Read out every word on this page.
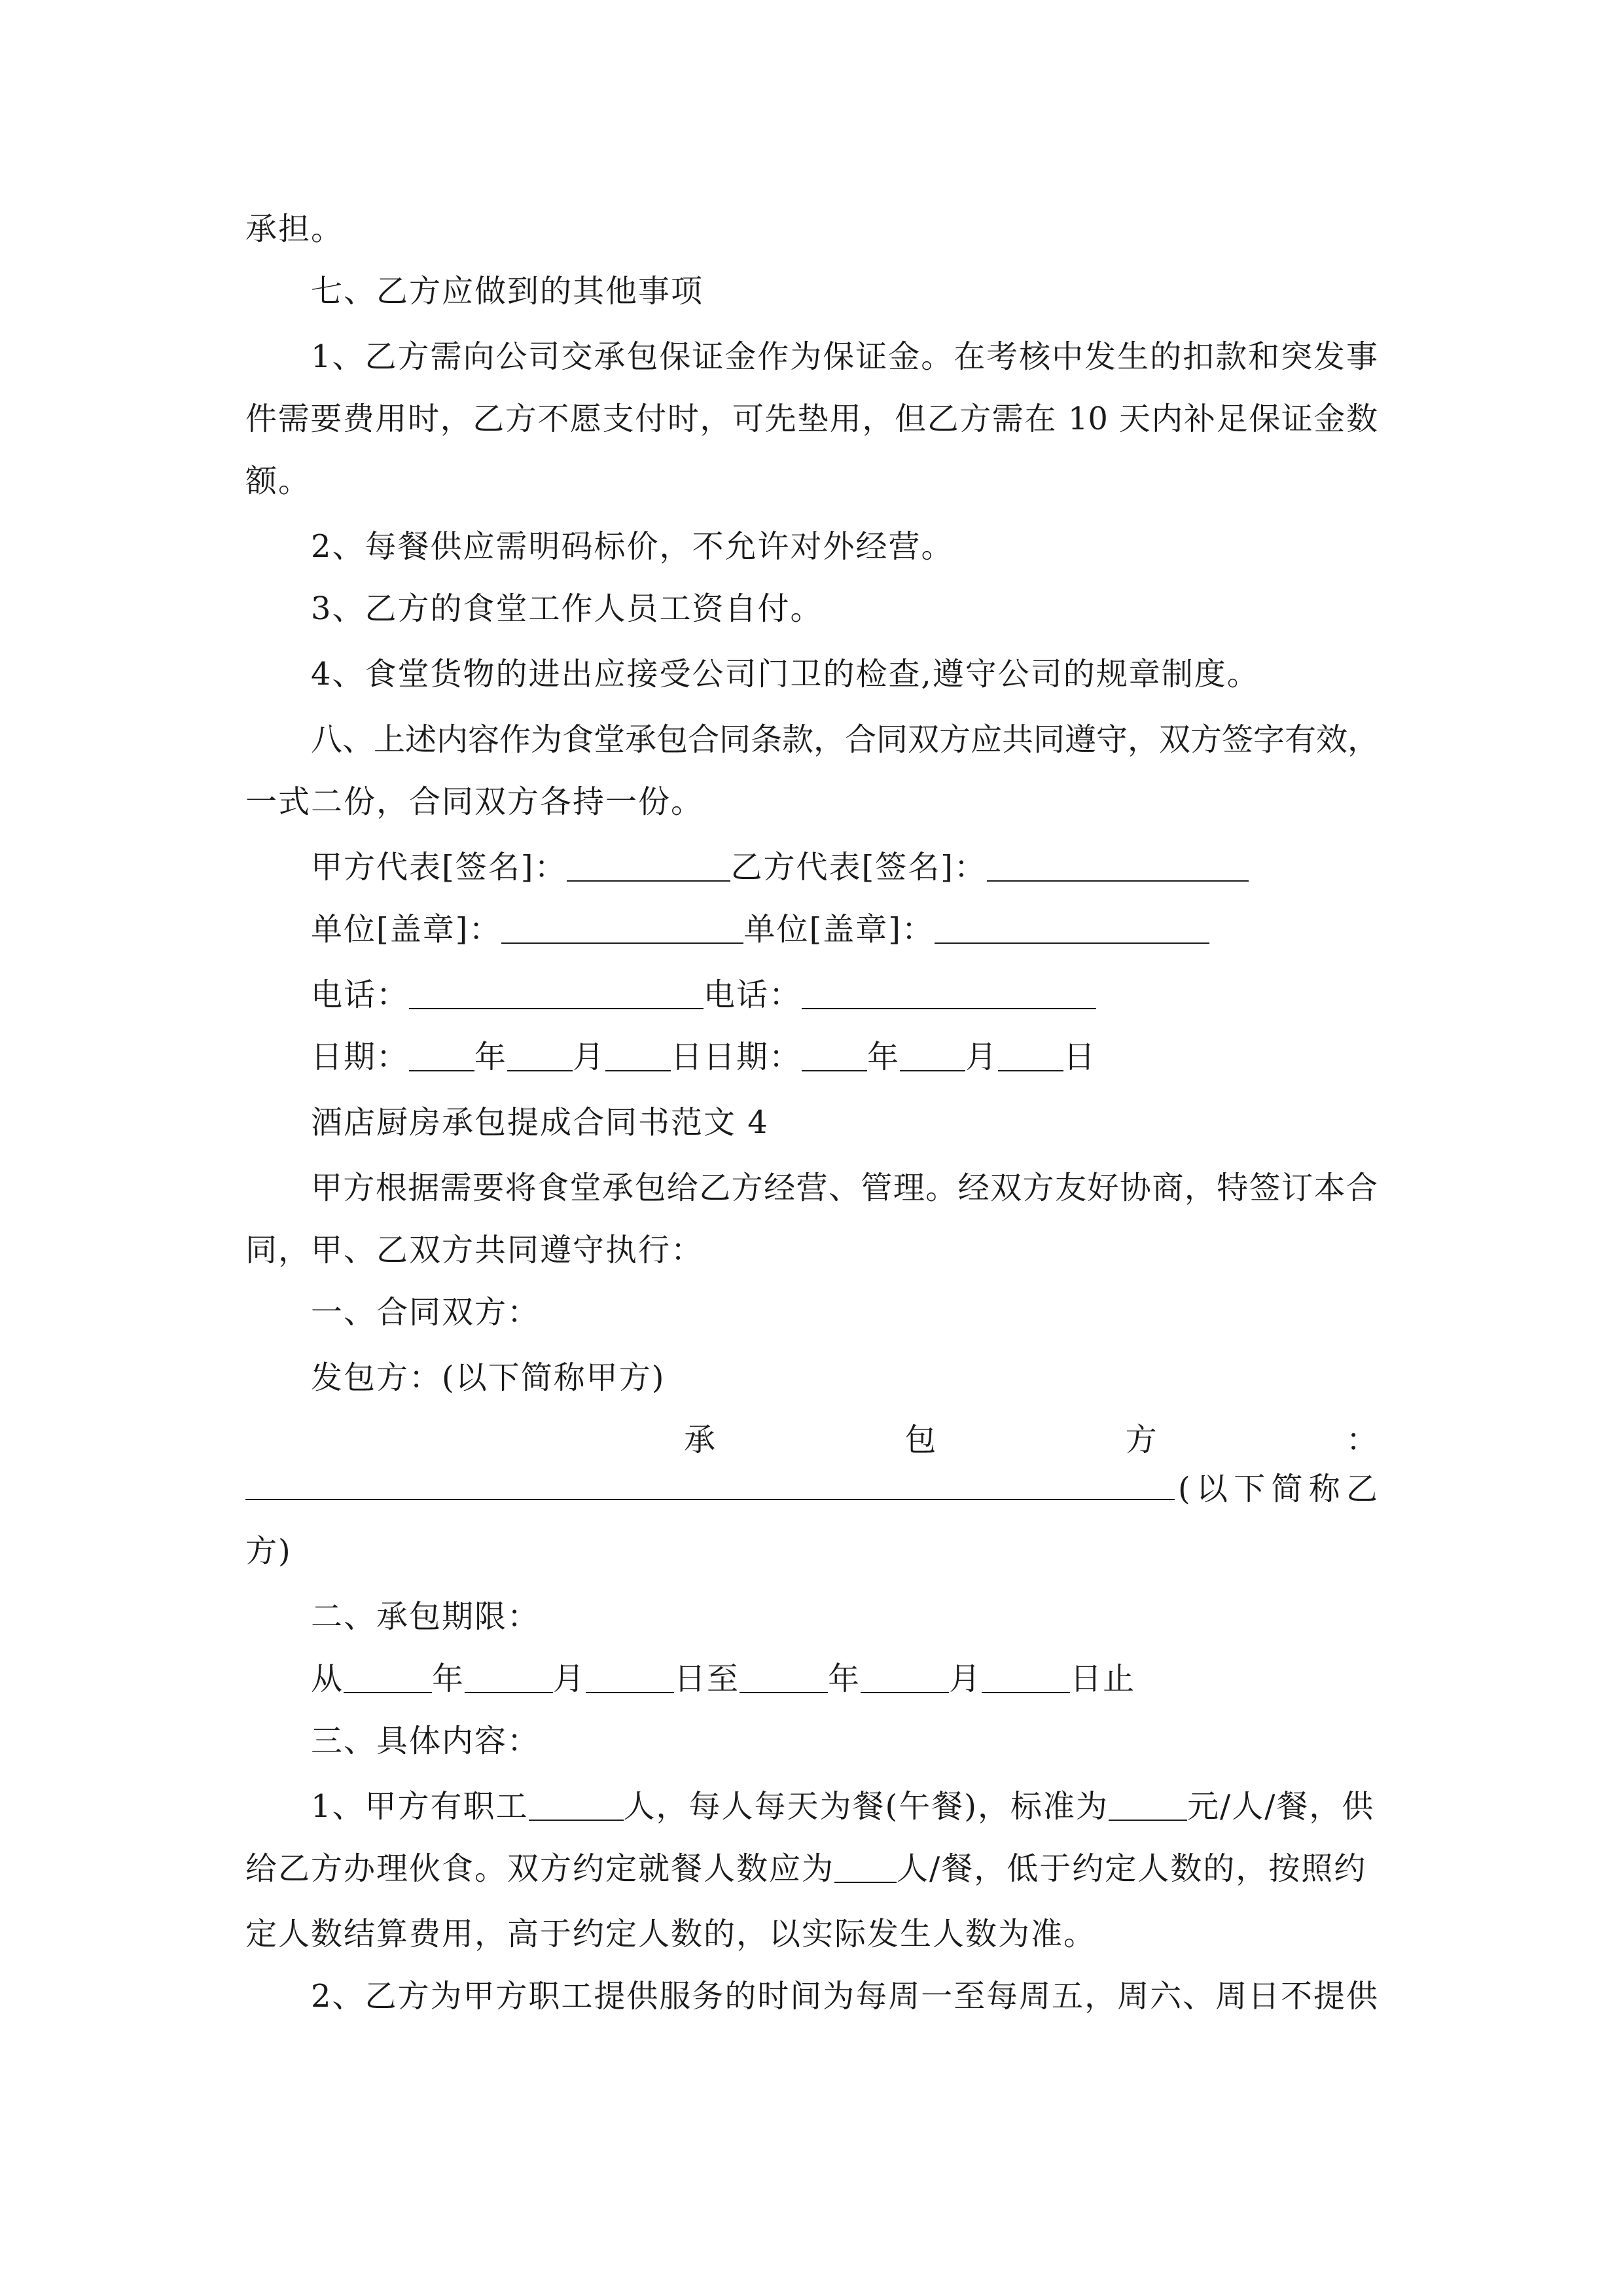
承担。

七、乙方应做到的其他事项

1、乙方需向公司交承包保证金作为保证金。在考核中发生的扣款和突发事

件需要费用时，乙方不愿支付时，可先垫用，但乙方需在 10 天内补足保证金数

额。

2、每餐供应需明码标价，不允许对外经营。

3、乙方的食堂工作人员工资自付。

4、食堂货物的进出应接受公司门卫的检查,遵守公司的规章制度。

八、上述内容作为食堂承包合同条款，合同双方应共同遵守，双方签字有效，

一式二份，合同双方各持一份。

甲方代表[签名]：	乙方代表[签名]：

单位[盖章]：	单位[盖章]：

电话：	电话：

日期： 年 月 日日期： 年 月 日

酒店厨房承包提成合同书范文 4

甲方根据需要将食堂承包给乙方经营、管理。经双方友好协商，特签订本合

同，甲、乙双方共同遵守执行：

一、合同双方：

发包方：(以下简称甲方)

承	包	方	：

(以下简称乙

方)

二、承包期限：

从	年	月	日至	年	月	日止

三、具体内容：

1、甲方有职工	人，每人每天为餐(午餐)，标准为	元/人/餐，供

给乙方办理伙食。双方约定就餐人数应为 人/餐，低于约定人数的，按照约

定人数结算费用，高于约定人数的，以实际发生人数为准。

2、乙方为甲方职工提供服务的时间为每周一至每周五，周六、周日不提供
